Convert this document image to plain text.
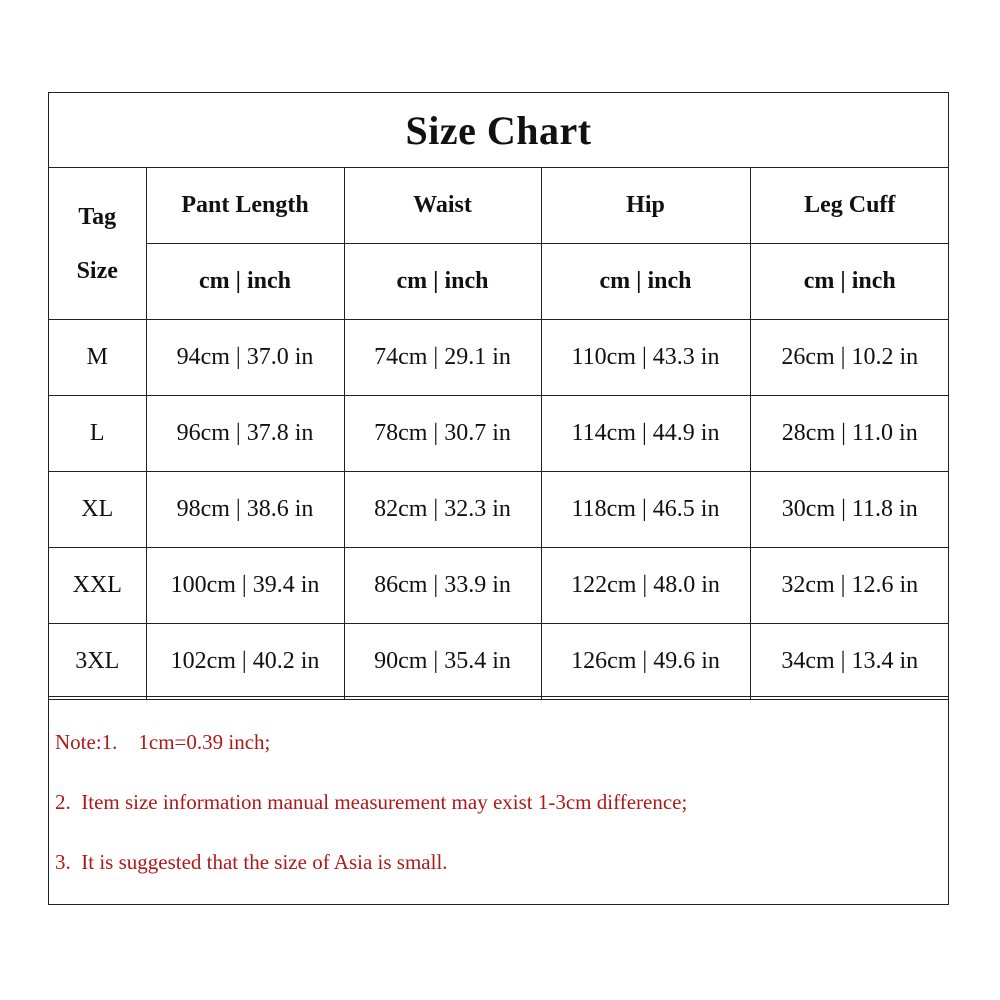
Size Chart
Tag
Size	Pant Length	Waist	Hip	Leg Cuff
	cm | inch	cm | inch	cm | inch	cm | inch
M	94cm | 37.0 in	74cm | 29.1 in	110cm | 43.3 in	26cm | 10.2 in
L	96cm | 37.8 in	78cm | 30.7 in	114cm | 44.9 in	28cm | 11.0 in
XL	98cm | 38.6 in	82cm | 32.3 in	118cm | 46.5 in	30cm | 11.8 in
XXL	100cm | 39.4 in	86cm | 33.9 in	122cm | 48.0 in	32cm | 12.6 in
3XL	102cm | 40.2 in	90cm | 35.4 in	126cm | 49.6 in	34cm | 13.4 in
Note:1.    1cm=0.39 inch;
2.  Item size information manual measurement may exist 1-3cm difference;
3.  It is suggested that the size of Asia is small.
